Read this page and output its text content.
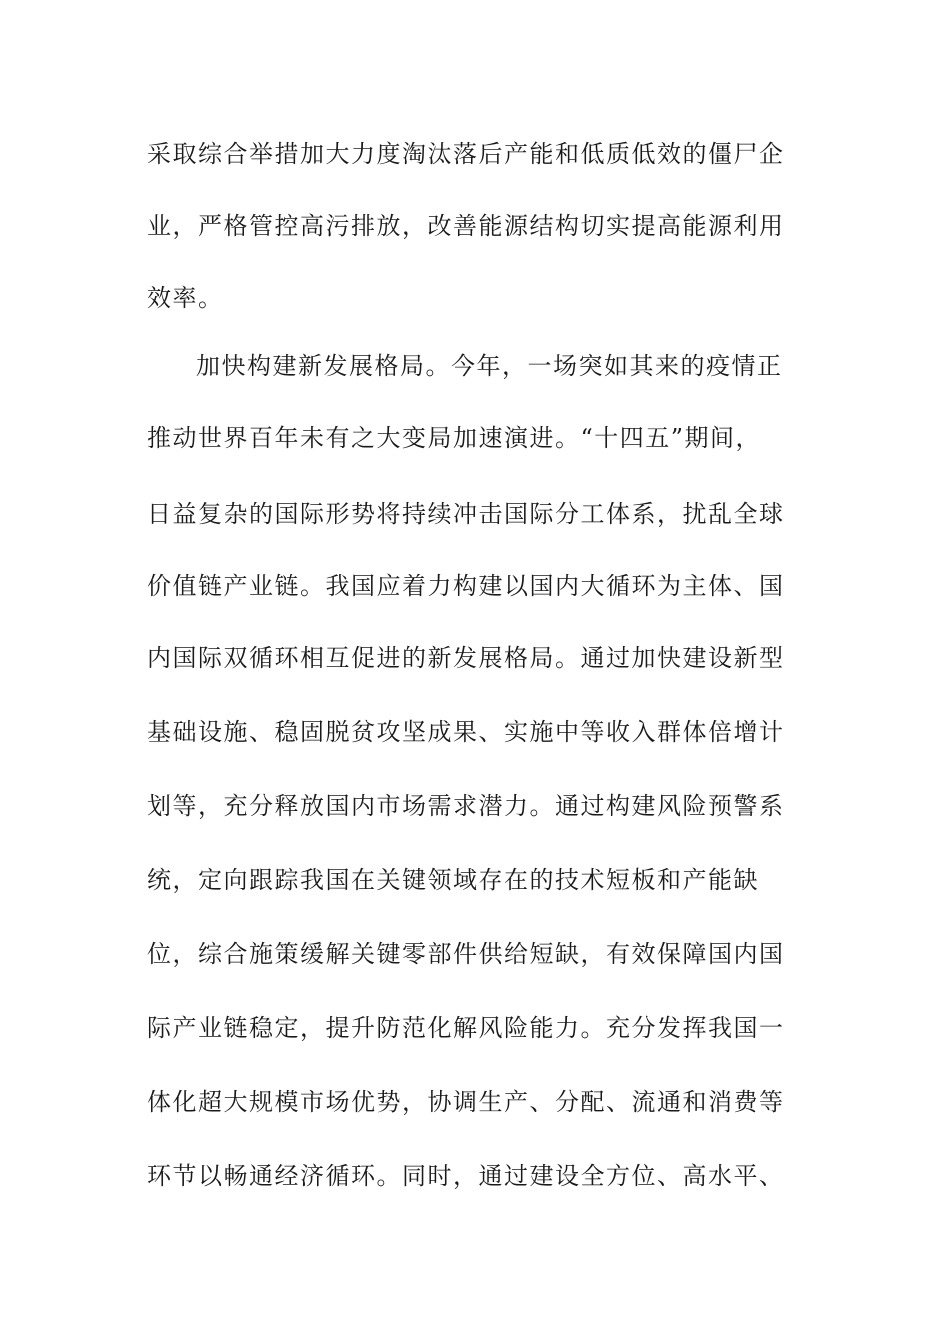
采取综合举措加大力度淘汰落后产能和低质低效的僵尸企
业，严格管控高污排放，改善能源结构切实提高能源利用
效率。
加快构建新发展格局。今年，一场突如其来的疫情正
推动世界百年未有之大变局加速演进。“十四五”期间，
日益复杂的国际形势将持续冲击国际分工体系，扰乱全球
价值链产业链。我国应着力构建以国内大循环为主体、国
内国际双循环相互促进的新发展格局。通过加快建设新型
基础设施、稳固脱贫攻坚成果、实施中等收入群体倍增计
划等，充分释放国内市场需求潜力。通过构建风险预警系
统，定向跟踪我国在关键领域存在的技术短板和产能缺
位，综合施策缓解关键零部件供给短缺，有效保障国内国
际产业链稳定，提升防范化解风险能力。充分发挥我国一
体化超大规模市场优势，协调生产、分配、流通和消费等
环节以畅通经济循环。同时，通过建设全方位、高水平、
